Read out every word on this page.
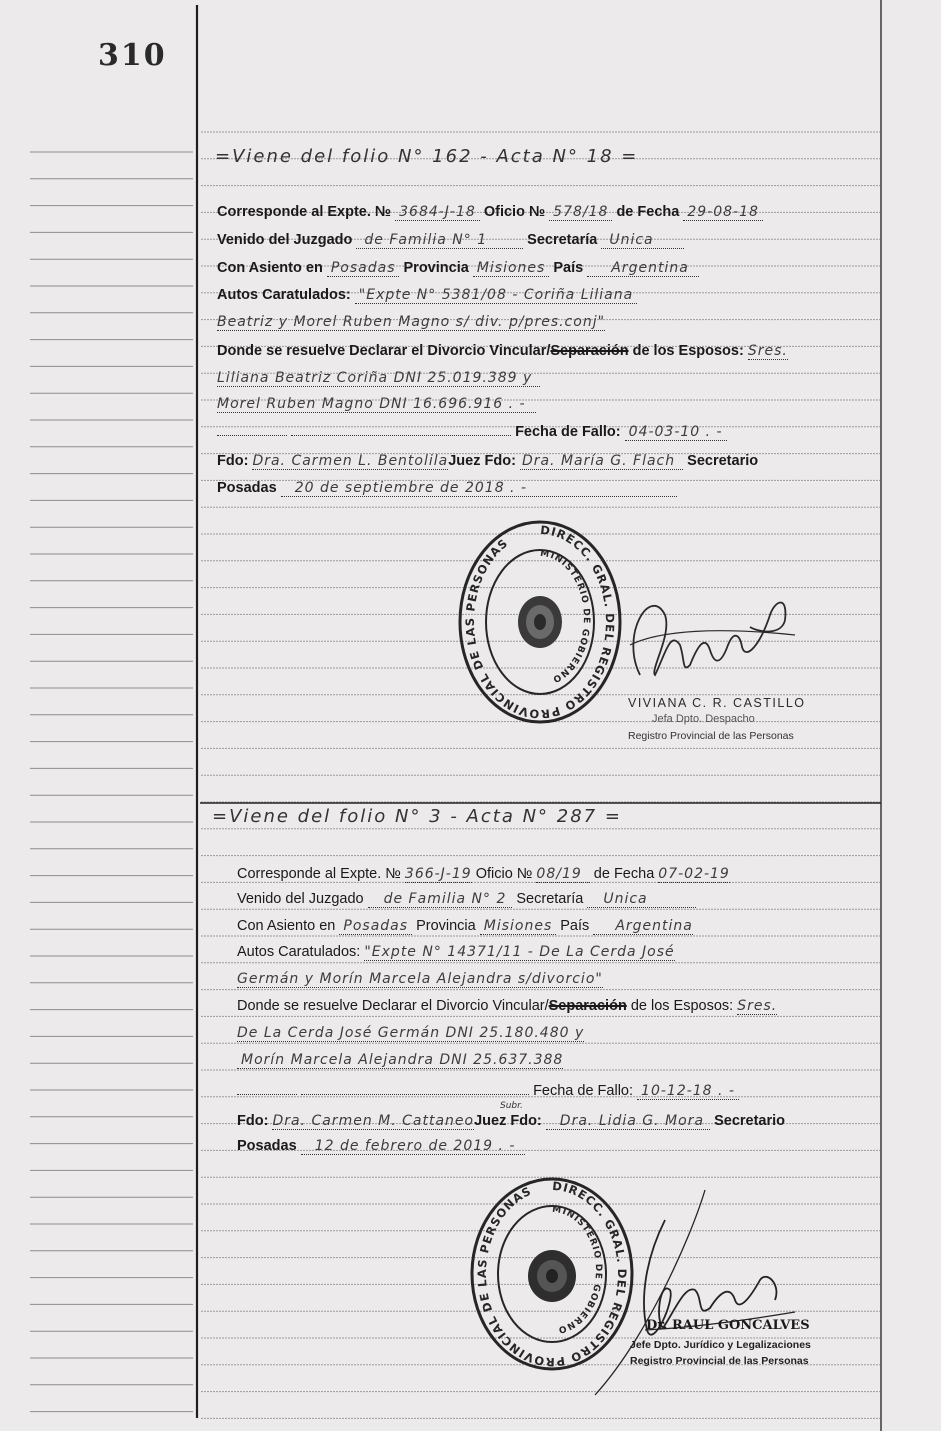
310
=Viene del folio N° 162 - Acta N° 18 =
Corresponde al Expte. № 3684-J-18 Oficio № 578/18 de Fecha 29-08-18
Venido del Juzgado de Familia N° 1	Secretaría Unica
Con Asiento en Posadas Provincia Misiones País Argentina
Autos Caratulados: "Expte N° 5381/08 - Coriña Liliana
Beatriz y Morel Ruben Magno s/ div. p/pres.conj"
Donde se resuelve Declarar el Divorcio Vincular/Separación de los Esposos: Sres.
Liliana Beatriz Coriña DNI 25.019.389 y
Morel Ruben Magno DNI 16.696.916 . -
Fecha de Fallo: 04-03-10 . -
Fdo: Dra. Carmen L. BentolilaJuez Fdo: Dra. María G. Flach Secretario
Posadas 20 de septiembre de 2018 . -
DIRECC. GRAL. DEL REGISTRO PROVINCIAL DE LAS PERSONAS
MINISTERIO DE GOBIERNO
VIVIANA C. R. CASTILLO
Jefa Dpto. Despacho
Registro Provincial de las Personas
=Viene del folio N° 3 - Acta N° 287 =
Corresponde al Expte. № 366-J-19 Oficio № 08/19 de Fecha 07-02-19
Venido del Juzgado de Familia N° 2 Secretaría Unica
Con Asiento en Posadas Provincia Misiones País Argentina
Autos Caratulados: "Expte N° 14371/11 - De La Cerda José
Germán y Morín Marcela Alejandra s/divorcio"
Donde se resuelve Declarar el Divorcio Vincular/Separación de los Esposos: Sres.
De La Cerda José Germán DNI 25.180.480 y
Morín Marcela Alejandra DNI 25.637.388
Fecha de Fallo: 10-12-18 . -
Fdo: Dra. Carmen M. CattaneoJuez Fdo: Dra. Lidia G. Mora Secretario
Subr.
Posadas 12 de febrero de 2019 . -
DIRECC. GRAL. DEL REGISTRO PROVINCIAL DE LAS PERSONAS
MINISTERIO DE GOBIERNO	Dr. RAUL GONCALVES
Jefe Dpto. Jurídico y Legalizaciones
Registro Provincial de las Personas
